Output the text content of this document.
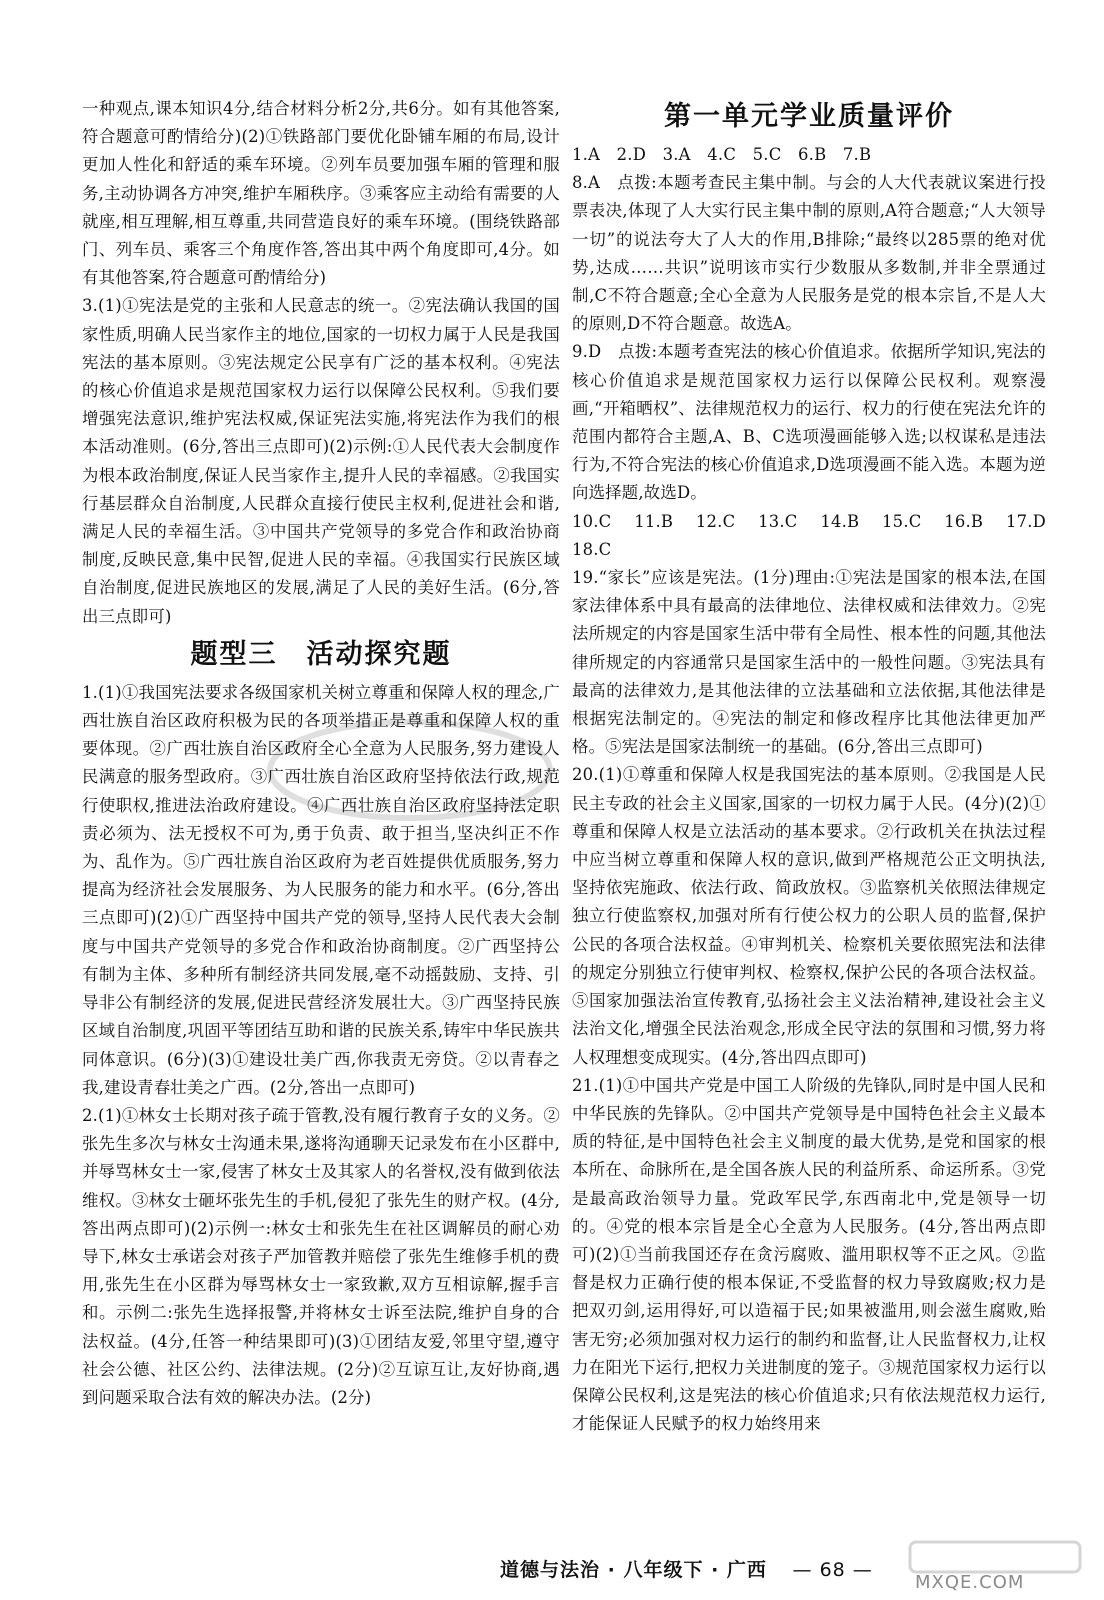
一种观点,课本知识4分,结合材料分析2分,共6分。如有其他答案,符合题意可酌情给分)(2)①铁路部门要优化卧铺车厢的布局,设计更加人性化和舒适的乘车环境。②列车员要加强车厢的管理和服务,主动协调各方冲突,维护车厢秩序。③乘客应主动给有需要的人就座,相互理解,相互尊重,共同营造良好的乘车环境。(围绕铁路部门、列车员、乘客三个角度作答,答出其中两个角度即可,4分。如有其他答案,符合题意可酌情给分)

3.(1)①宪法是党的主张和人民意志的统一。②宪法确认我国的国家性质,明确人民当家作主的地位,国家的一切权力属于人民是我国宪法的基本原则。③宪法规定公民享有广泛的基本权利。④宪法的核心价值追求是规范国家权力运行以保障公民权利。⑤我们要增强宪法意识,维护宪法权威,保证宪法实施,将宪法作为我们的根本活动准则。(6分,答出三点即可)(2)示例:①人民代表大会制度作为根本政治制度,保证人民当家作主,提升人民的幸福感。②我国实行基层群众自治制度,人民群众直接行使民主权利,促进社会和谐,满足人民的幸福生活。③中国共产党领导的多党合作和政治协商制度,反映民意,集中民智,促进人民的幸福。④我国实行民族区域自治制度,促进民族地区的发展,满足了人民的美好生活。(6分,答出三点即可)

题型三　活动探究题

1.(1)①我国宪法要求各级国家机关树立尊重和保障人权的理念,广西壮族自治区政府积极为民的各项举措正是尊重和保障人权的重要体现。②广西壮族自治区政府全心全意为人民服务,努力建设人民满意的服务型政府。③广西壮族自治区政府坚持依法行政,规范行使职权,推进法治政府建设。④广西壮族自治区政府坚持法定职责必须为、法无授权不可为,勇于负责、敢于担当,坚决纠正不作为、乱作为。⑤广西壮族自治区政府为老百姓提供优质服务,努力提高为经济社会发展服务、为人民服务的能力和水平。(6分,答出三点即可)(2)①广西坚持中国共产党的领导,坚持人民代表大会制度与中国共产党领导的多党合作和政治协商制度。②广西坚持公有制为主体、多种所有制经济共同发展,毫不动摇鼓励、支持、引导非公有制经济的发展,促进民营经济发展壮大。③广西坚持民族区域自治制度,巩固平等团结互助和谐的民族关系,铸牢中华民族共同体意识。(6分)(3)①建设壮美广西,你我责无旁贷。②以青春之我,建设青春壮美之广西。(2分,答出一点即可)

2.(1)①林女士长期对孩子疏于管教,没有履行教育子女的义务。②张先生多次与林女士沟通未果,遂将沟通聊天记录发布在小区群中,并辱骂林女士一家,侵害了林女士及其家人的名誉权,没有做到依法维权。③林女士砸坏张先生的手机,侵犯了张先生的财产权。(4分,答出两点即可)(2)示例一:林女士和张先生在社区调解员的耐心劝导下,林女士承诺会对孩子严加管教并赔偿了张先生维修手机的费用,张先生在小区群为辱骂林女士一家致歉,双方互相谅解,握手言和。示例二:张先生选择报警,并将林女士诉至法院,维护自身的合法权益。(4分,任答一种结果即可)(3)①团结友爱,邻里守望,遵守社会公德、社区公约、法律法规。(2分)②互谅互让,友好协商,遇到问题采取合法有效的解决办法。(2分)

第一单元学业质量评价

1.A　2.D　3.A　4.C　5.C　6.B　7.B

8.A　点拨:本题考查民主集中制。与会的人大代表就议案进行投票表决,体现了人大实行民主集中制的原则,A符合题意;“人大领导一切”的说法夸大了人大的作用,B排除;“最终以285票的绝对优势,达成……共识”说明该市实行少数服从多数制,并非全票通过制,C不符合题意;全心全意为人民服务是党的根本宗旨,不是人大的原则,D不符合题意。故选A。

9.D　点拨:本题考查宪法的核心价值追求。依据所学知识,宪法的核心价值追求是规范国家权力运行以保障公民权利。观察漫画,“开箱晒权”、法律规范权力的运行、权力的行使在宪法允许的范围内都符合主题,A、B、C选项漫画能够入选;以权谋私是违法行为,不符合宪法的核心价值追求,D选项漫画不能入选。本题为逆向选择题,故选D。

10.C　11.B　12.C　13.C　14.B　15.C　16.B　17.D　18.C

19.“家长”应该是宪法。(1分)理由:①宪法是国家的根本法,在国家法律体系中具有最高的法律地位、法律权威和法律效力。②宪法所规定的内容是国家生活中带有全局性、根本性的问题,其他法律所规定的内容通常只是国家生活中的一般性问题。③宪法具有最高的法律效力,是其他法律的立法基础和立法依据,其他法律是根据宪法制定的。④宪法的制定和修改程序比其他法律更加严格。⑤宪法是国家法制统一的基础。(6分,答出三点即可)

20.(1)①尊重和保障人权是我国宪法的基本原则。②我国是人民民主专政的社会主义国家,国家的一切权力属于人民。(4分)(2)①尊重和保障人权是立法活动的基本要求。②行政机关在执法过程中应当树立尊重和保障人权的意识,做到严格规范公正文明执法,坚持依宪施政、依法行政、简政放权。③监察机关依照法律规定独立行使监察权,加强对所有行使公权力的公职人员的监督,保护公民的各项合法权益。④审判机关、检察机关要依照宪法和法律的规定分别独立行使审判权、检察权,保护公民的各项合法权益。⑤国家加强法治宣传教育,弘扬社会主义法治精神,建设社会主义法治文化,增强全民法治观念,形成全民守法的氛围和习惯,努力将人权理想变成现实。(4分,答出四点即可)

21.(1)①中国共产党是中国工人阶级的先锋队,同时是中国人民和中华民族的先锋队。②中国共产党领导是中国特色社会主义最本质的特征,是中国特色社会主义制度的最大优势,是党和国家的根本所在、命脉所在,是全国各族人民的利益所系、命运所系。③党是最高政治领导力量。党政军民学,东西南北中,党是领导一切的。④党的根本宗旨是全心全意为人民服务。(4分,答出两点即可)(2)①当前我国还存在贪污腐败、滥用职权等不正之风。②监督是权力正确行使的根本保证,不受监督的权力导致腐败;权力是把双刃剑,运用得好,可以造福于民;如果被滥用,则会滋生腐败,贻害无穷;必须加强对权力运行的制约和监督,让人民监督权力,让权力在阳光下运行,把权力关进制度的笼子。③规范国家权力运行以保障公民权利,这是宪法的核心价值追求;只有依法规范权力运行,才能保证人民赋予的权力始终用来

道德与法治 · 八年级下 · 广西 — 68 —
MXQE.COM
